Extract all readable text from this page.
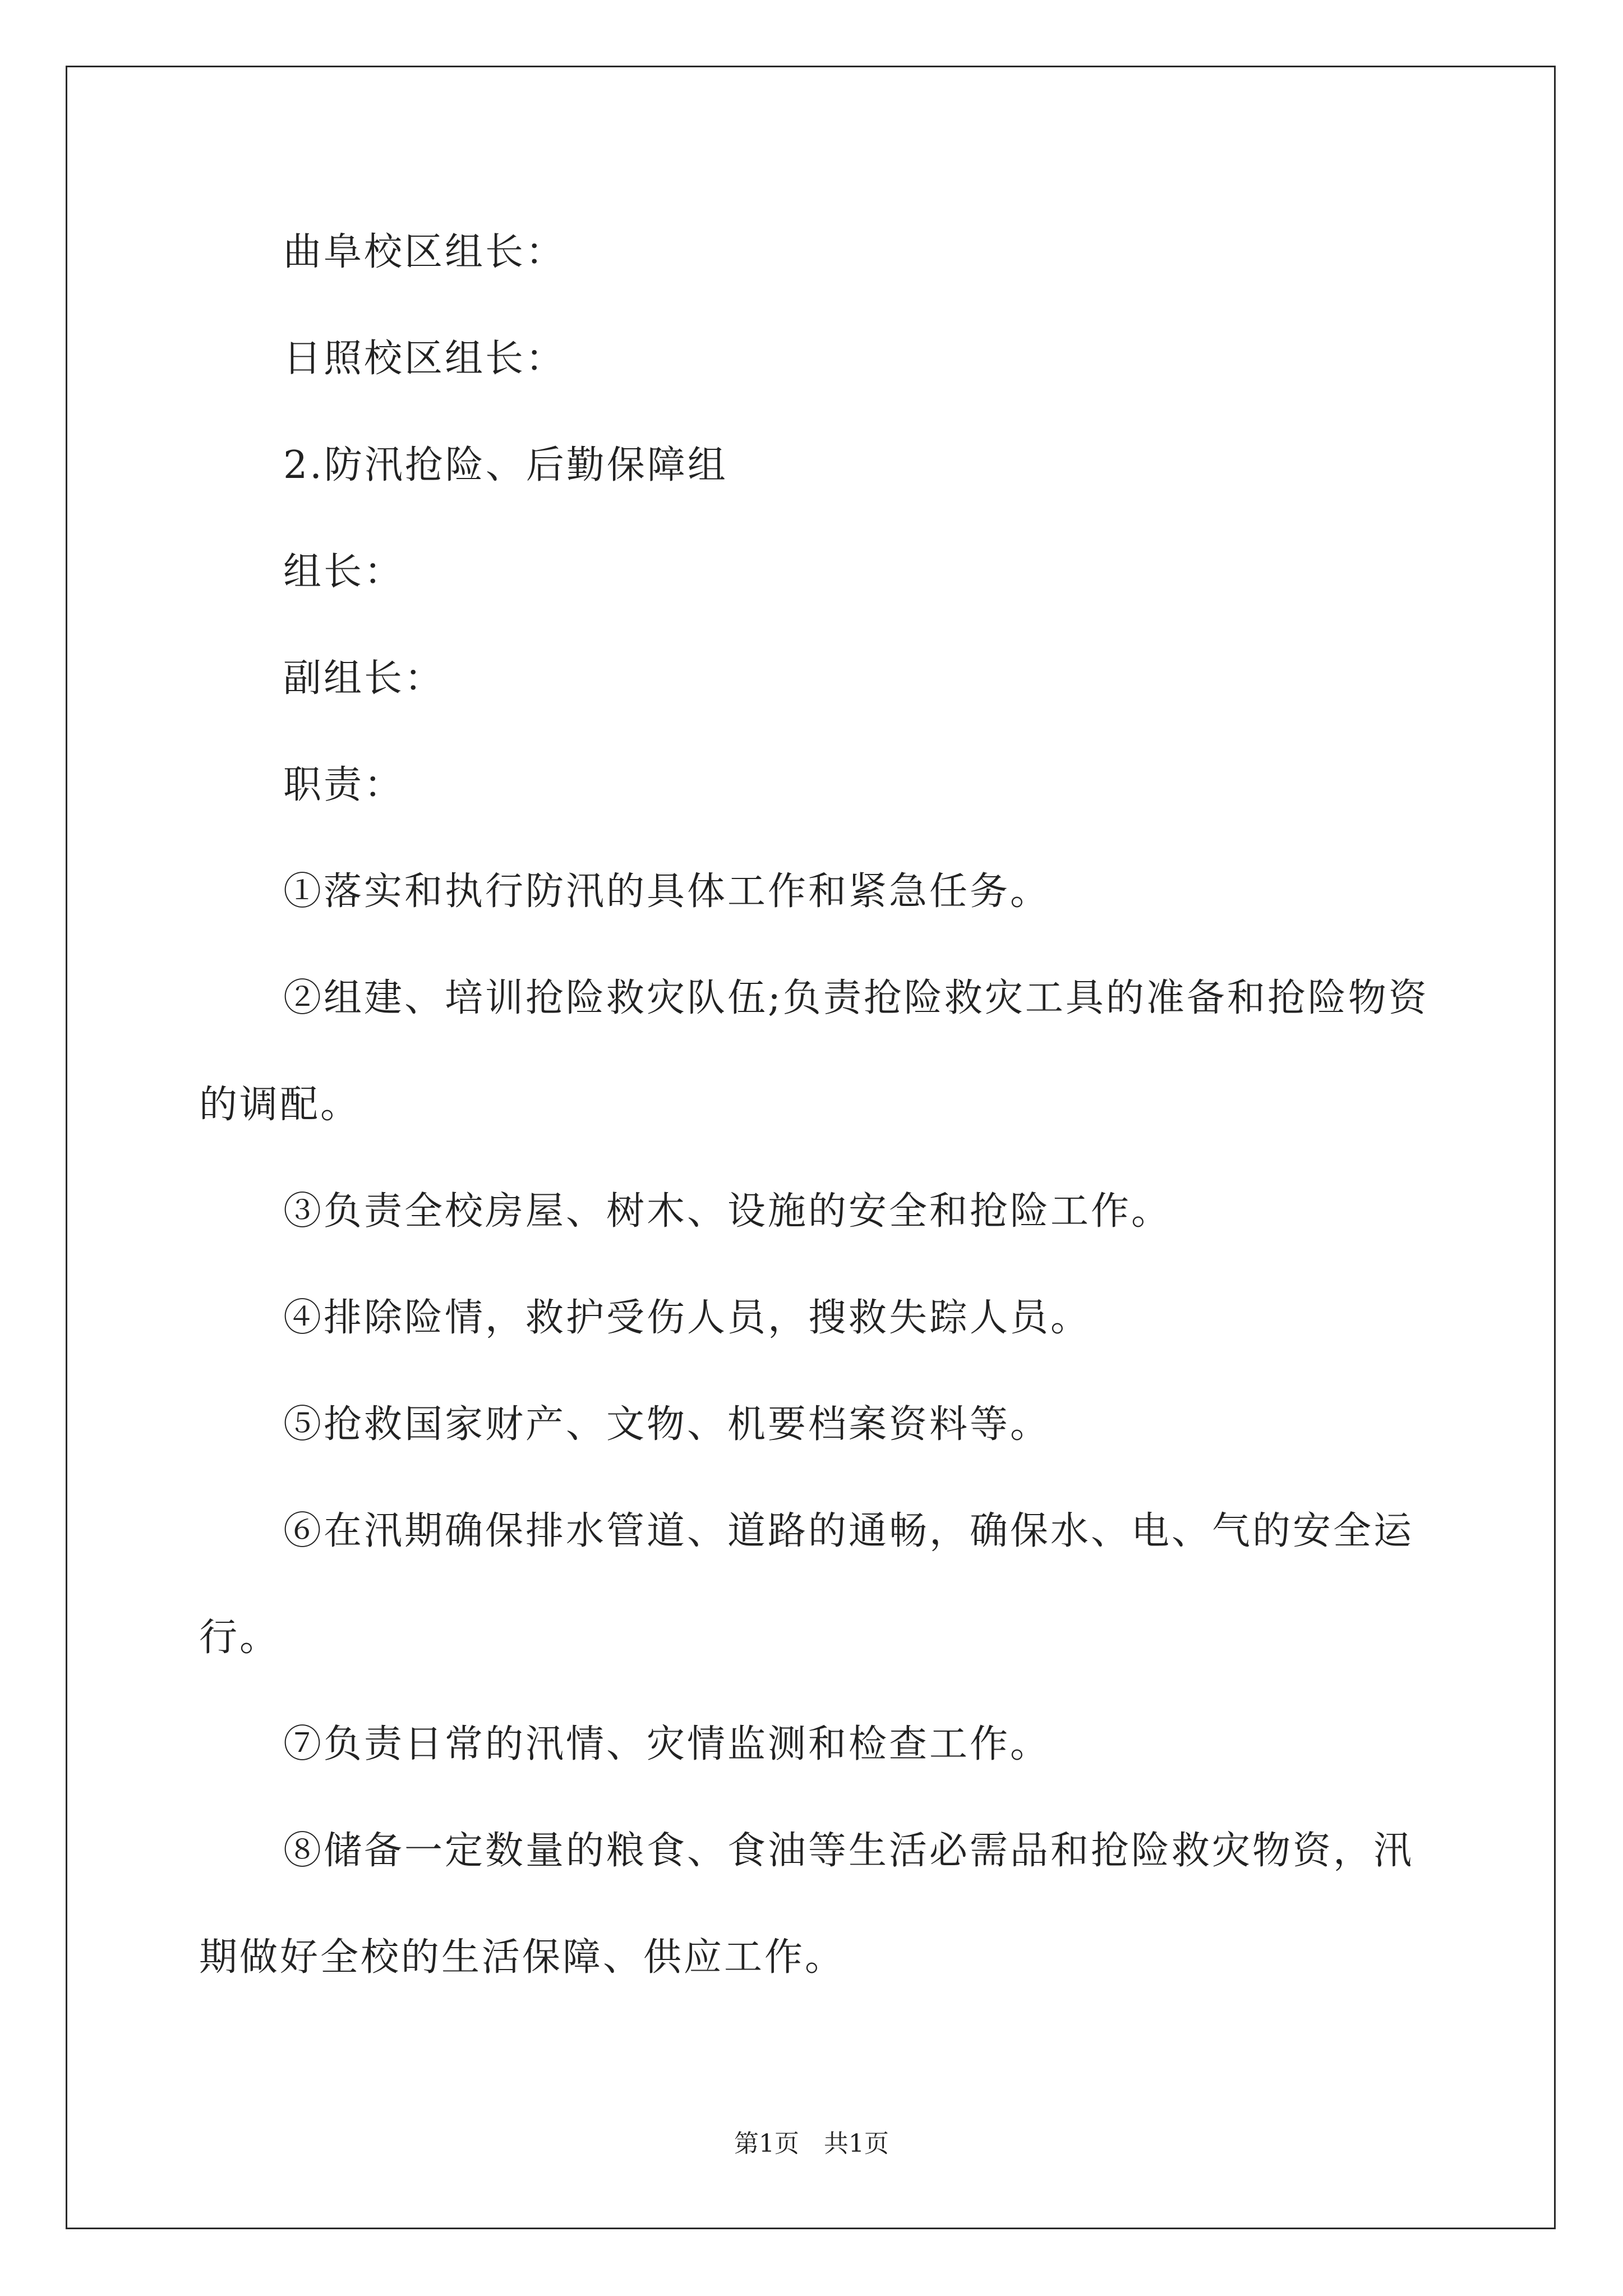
曲阜校区组长：

日照校区组长：

2.防汛抢险、后勤保障组

组长：

副组长：

职责：

①落实和执行防汛的具体工作和紧急任务。

②组建、培训抢险救灾队伍;负责抢险救灾工具的准备和抢险物资

的调配。

③负责全校房屋、树木、设施的安全和抢险工作。

④排除险情，救护受伤人员，搜救失踪人员。

⑤抢救国家财产、文物、机要档案资料等。

⑥在汛期确保排水管道、道路的通畅，确保水、电、气的安全运

行。

⑦负责日常的汛情、灾情监测和检查工作。

⑧储备一定数量的粮食、食油等生活必需品和抢险救灾物资，汛

期做好全校的生活保障、供应工作。

第1页　共1页
